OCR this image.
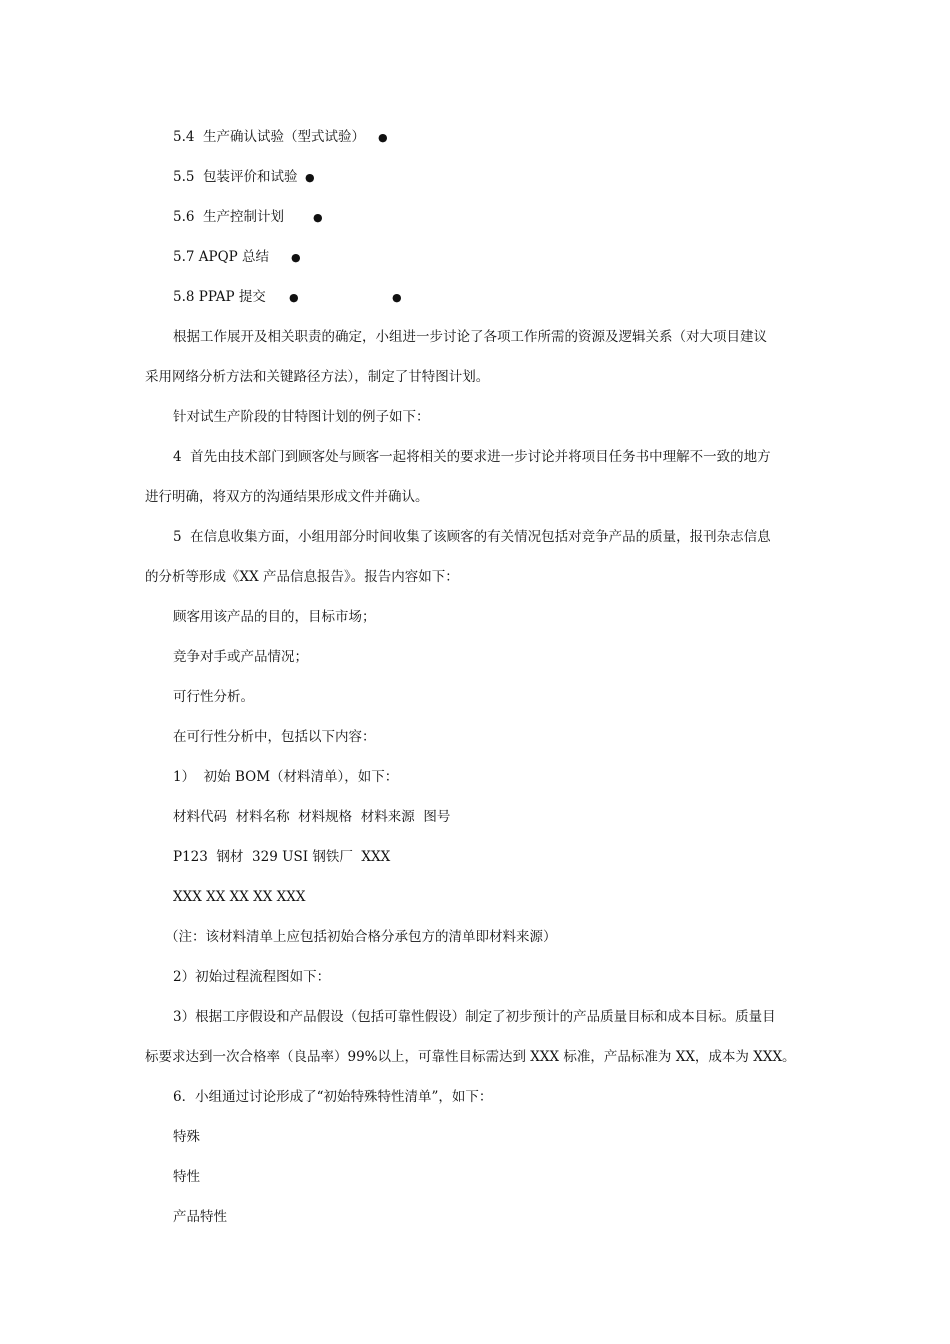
5.4  生产确认试验（型式试验） ●
5.5  包装评价和试验 ●
5.6  生产控制计划	●
5.7 APQP 总结 ●
5.8 PPAP 提交 ●	●
根据工作展开及相关职责的确定，小组进一步讨论了各项工作所需的资源及逻辑关系（对大项目建议
采用网络分析方法和关键路径方法），制定了甘特图计划。
针对试生产阶段的甘特图计划的例子如下：
4  首先由技术部门到顾客处与顾客一起将相关的要求进一步讨论并将项目任务书中理解不一致的地方
进行明确，将双方的沟通结果形成文件并确认。
5  在信息收集方面，小组用部分时间收集了该顾客的有关情况包括对竞争产品的质量，报刊杂志信息
的分析等形成《XX 产品信息报告》。报告内容如下：
顾客用该产品的目的，目标市场；
竞争对手或产品情况；
可行性分析。
在可行性分析中，包括以下内容：
1）  初始 BOM（材料清单），如下：
材料代码  材料名称  材料规格  材料来源  图号
P123  钢材  329 USI 钢铁厂  XXX
XXX XX XX XX XXX
（注：该材料清单上应包括初始合格分承包方的清单即材料来源）
2）初始过程流程图如下：
3）根据工序假设和产品假设（包括可靠性假设）制定了初步预计的产品质量目标和成本目标。质量目
标要求达到一次合格率（良品率）99%以上，可靠性目标需达到 XXX 标准，产品标准为 XX，成本为 XXX。
6．小组通过讨论形成了“初始特殊特性清单”，如下：
特殊
特性
产品特性
